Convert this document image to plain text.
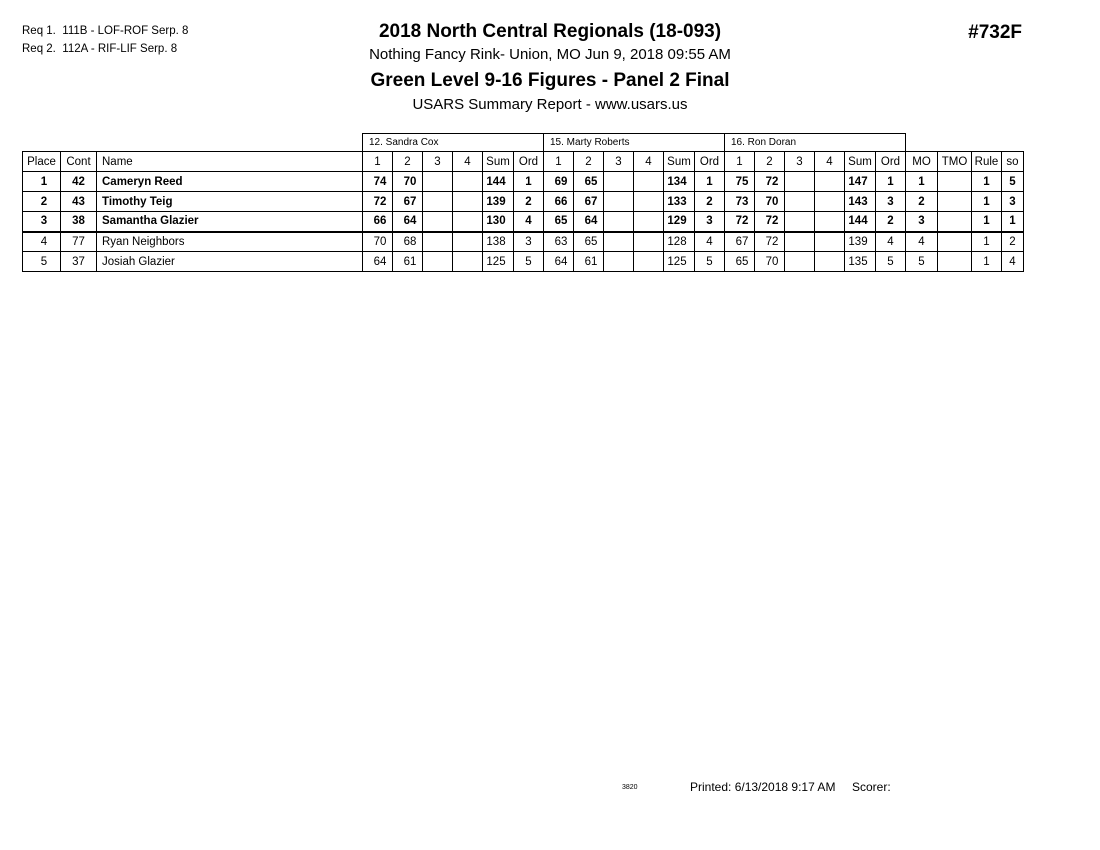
Req 1.  111B - LOF-ROF Serp. 8
Req 2.  112A - RIF-LIF Serp. 8
2018 North Central Regionals (18-093)
Nothing Fancy Rink- Union, MO Jun 9, 2018 09:55 AM
Green Level 9-16 Figures - Panel 2 Final
USARS Summary Report - www.usars.us
#732F
			12. Sandra Cox						15. Marty Roberts						16. Ron Doran									
Place	Cont	Name	1	2	3	4	Sum	Ord	1	2	3	4	Sum	Ord	1	2	3	4	Sum	Ord	MO	TMO	Rule	so
1	42	Cameryn Reed	74	70			144	1	69	65			134	1	75	72			147	1	1		1	5
2	43	Timothy Teig	72	67			139	2	66	67			133	2	73	70			143	3	2		1	3
3	38	Samantha Glazier	66	64			130	4	65	64			129	3	72	72			144	2	3		1	1
4	77	Ryan Neighbors	70	68			138	3	63	65			128	4	67	72			139	4	4		1	2
5	37	Josiah Glazier	64	61			125	5	64	61			125	5	65	70			135	5	5		1	4
3820	Printed: 6/13/2018 9:17 AM Scorer:
